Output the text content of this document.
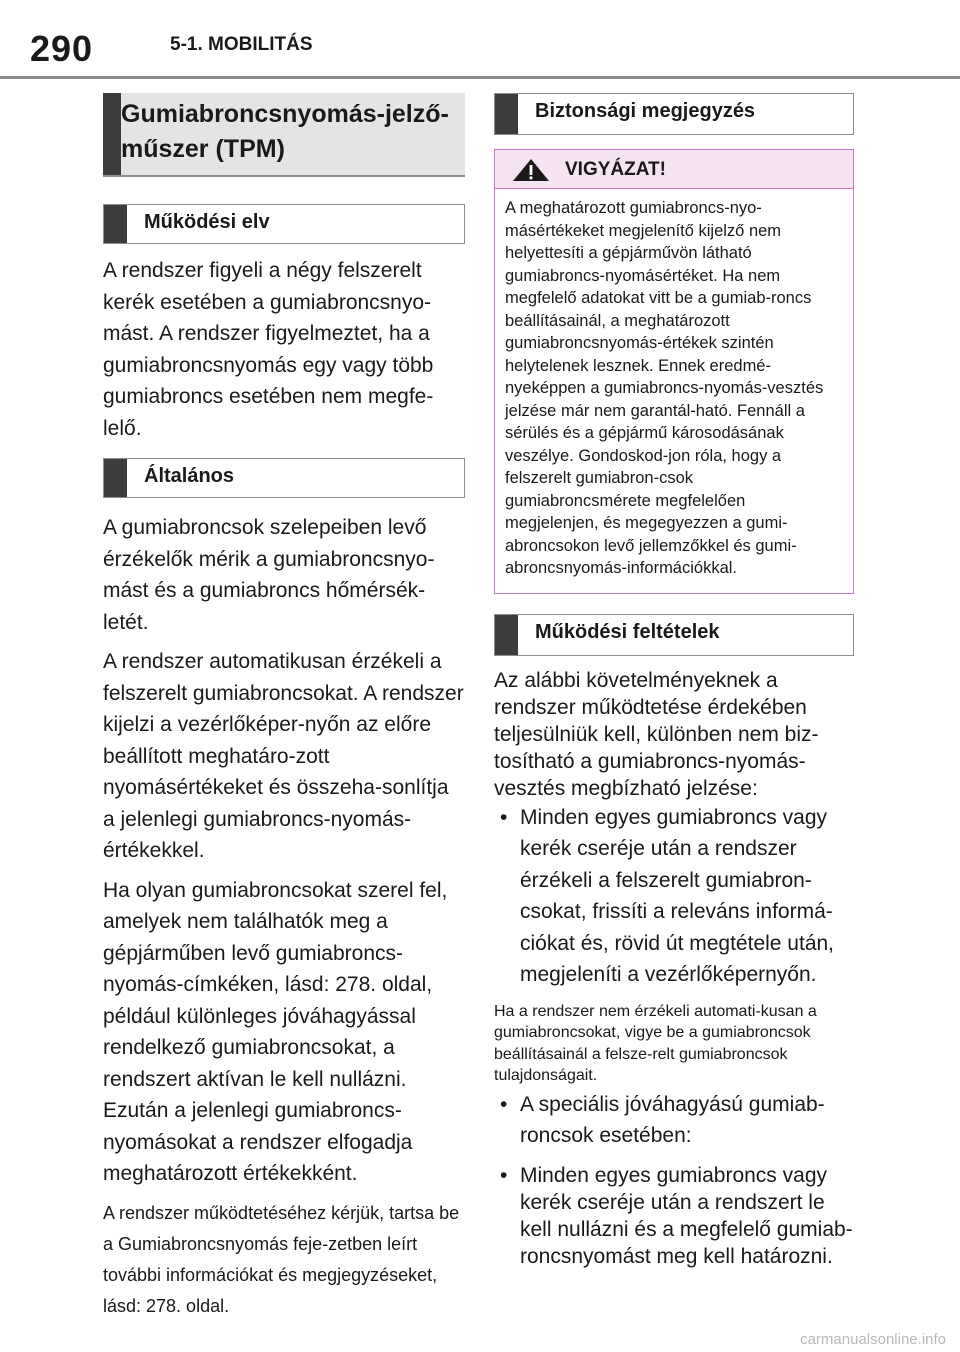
290	5-1. MOBILITÁS
Gumiabroncsnyomás-jelző-műszer (TPM)
Működési elv

A rendszer figyeli a négy felszerelt kerék esetében a gumiabroncsnyo-mást. A rendszer figyelmeztet, ha a gumiabroncsnyomás egy vagy több gumiabroncs esetében nem megfe-lelő.

Általános

A gumiabroncsok szelepeiben levő érzékelők mérik a gumiabroncsnyo-mást és a gumiabroncs hőmérsék-letét.

A rendszer automatikusan érzékeli a felszerelt gumiabroncsokat. A rendszer kijelzi a vezérlőképer-nyőn az előre beállított meghatáro-zott nyomásértékeket és összeha-sonlítja a jelenlegi gumiabroncs-nyomás-értékekkel.

Ha olyan gumiabroncsokat szerel fel, amelyek nem találhatók meg a gépjárműben levő gumiabroncs-nyomás-címkéken, lásd: 278. oldal, például különleges jóváhagyással rendelkező gumiabroncsokat, a rendszert aktívan le kell nullázni. Ezután a jelenlegi gumiabroncs-nyomásokat a rendszer elfogadja meghatározott értékekként.

A rendszer működtetéséhez kérjük, tartsa be a Gumiabroncsnyomás feje-zetben leírt további információkat és megjegyzéseket, lásd: 278. oldal.

Biztonsági megjegyzés
VIGYÁZAT!
A meghatározott gumiabroncs-nyo-másértékeket megjelenítő kijelző nem helyettesíti a gépjárművön látható gumiabroncs-nyomásértéket. Ha nem megfelelő adatokat vitt be a gumiab-roncs beállításainál, a meghatározott gumiabroncsnyomás-értékek szintén helytelenek lesznek. Ennek eredmé-nyeképpen a gumiabroncs-nyomás-vesztés jelzése már nem garantál-ható. Fennáll a sérülés és a gépjármű károsodásának veszélye. Gondoskod-jon róla, hogy a felszerelt gumiabron-csok gumiabroncsmérete megfelelően megjelenjen, és megegyezzen a gumi-abroncsokon levő jellemzőkkel és gumi-abroncsnyomás-információkkal.
Működési feltételek

Az alábbi követelményeknek a rendszer működtetése érdekében teljesülniük kell, különben nem biz-tosítható a gumiabroncs-nyomás-vesztés megbízható jelzése:

• Minden egyes gumiabroncs vagy kerék cseréje után a rendszer érzékeli a felszerelt gumiabron-csokat, frissíti a releváns informá-ciókat és, rövid út megtétele után, megjeleníti a vezérlőképernyőn.

Ha a rendszer nem érzékeli automati-kusan a gumiabroncsokat, vigye be a gumiabroncsok beállításainál a felsze-relt gumiabroncsok tulajdonságait.

• A speciális jóváhagyású gumiab-roncsok esetében:
• Minden egyes gumiabroncs vagy kerék cseréje után a rendszert le kell nullázni és a megfelelő gumiab-roncsnyomást meg kell határozni.
carmanualsonline.info
